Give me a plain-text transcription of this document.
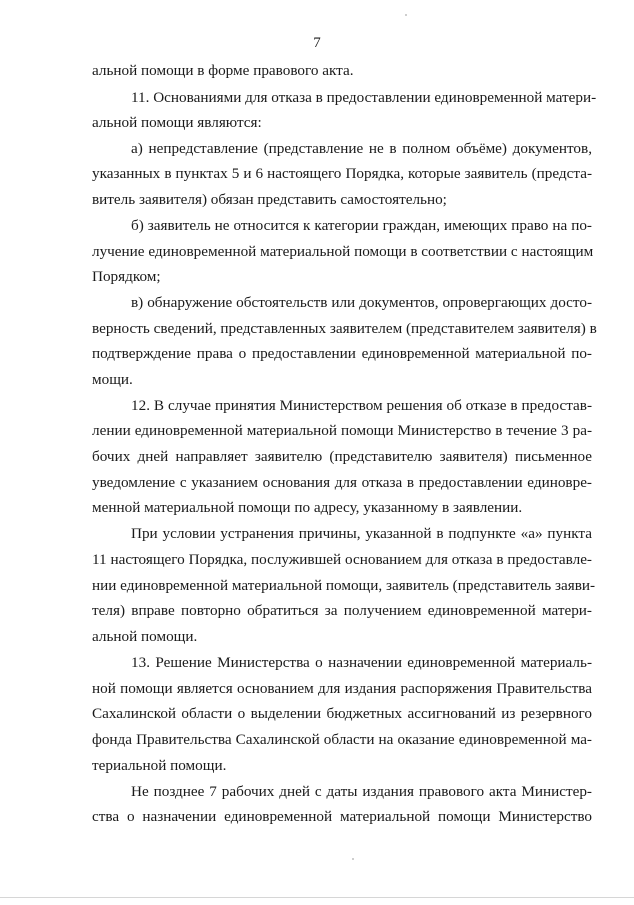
7

альной помощи в форме правового акта.

11. Основаниями для отказа в предоставлении единовременной матери-

альной помощи являются:

а) непредставление (представление не в полном объёме) документов,

указанных в пунктах 5 и 6 настоящего Порядка, которые заявитель (предста-

витель заявителя) обязан представить самостоятельно;

б) заявитель не относится к категории граждан, имеющих право на по-

лучение единовременной материальной помощи в соответствии с настоящим

Порядком;

в) обнаружение обстоятельств или документов, опровергающих досто-

верность сведений, представленных заявителем (представителем заявителя) в

подтверждение права о предоставлении единовременной материальной по-

мощи.

12. В случае принятия Министерством решения об отказе в предостав-

лении единовременной материальной помощи Министерство в течение 3 ра-

бочих дней направляет заявителю (представителю заявителя) письменное

уведомление с указанием основания для отказа в предоставлении единовре-

менной материальной помощи по адресу, указанному в заявлении.

При условии устранения причины, указанной в подпункте «а» пункта

11 настоящего Порядка, послужившей основанием для отказа в предоставле-

нии единовременной материальной помощи, заявитель (представитель заяви-

теля) вправе повторно обратиться за получением единовременной матери-

альной помощи.

13. Решение Министерства о назначении единовременной материаль-

ной помощи является основанием для издания распоряжения Правительства

Сахалинской области о выделении бюджетных ассигнований из резервного

фонда Правительства Сахалинской области на оказание единовременной ма-

териальной помощи.

Не позднее 7 рабочих дней с даты издания правового акта Министер-

ства о назначении единовременной материальной помощи Министерство
